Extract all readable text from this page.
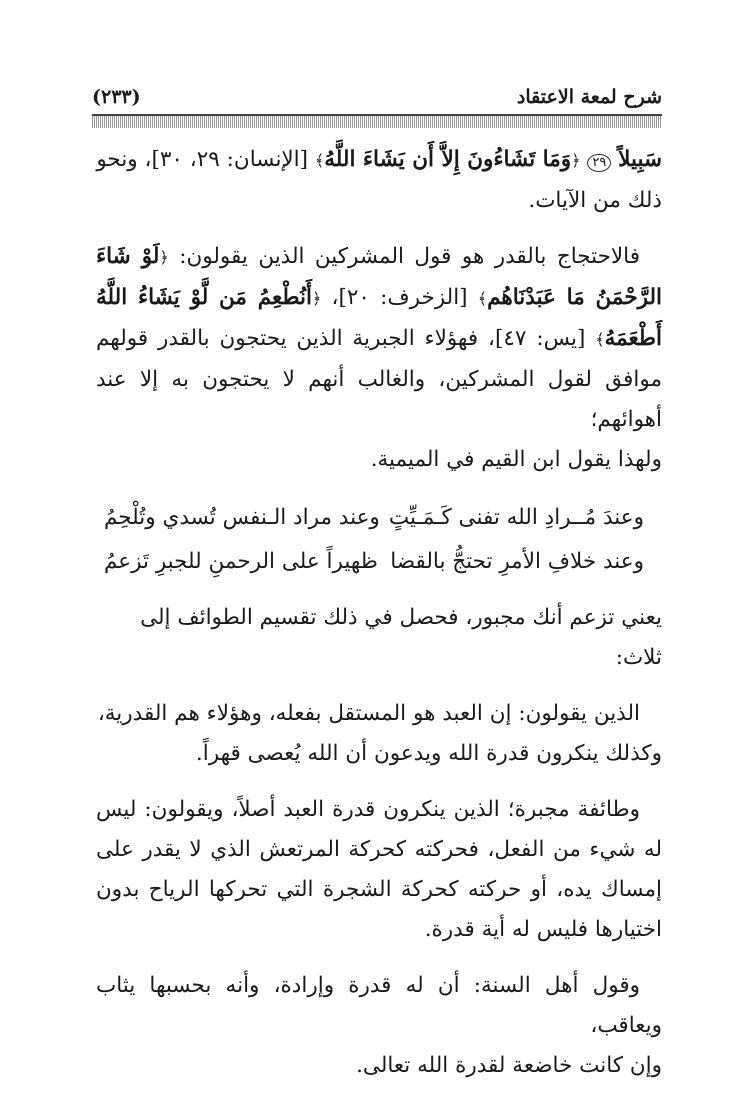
شرح لمعة الاعتقاد
(٢٣٣)

سَبِيلاً ٢٩ ﴿وَمَا تَشَاءُونَ إِلاَّ أَن يَشَاءَ اللَّهُ﴾ [الإنسان: ٢٩، ٣٠]، ونحو
ذلك من الآيات.

فالاحتجاج بالقدر هو قول المشركين الذين يقولون: ﴿لَوْ شَاءَ الرَّحْمَنُ مَا عَبَدْنَاهُم﴾ [الزخرف: ٢٠]، ﴿أَنُطْعِمُ مَن لَّوْ يَشَاءُ اللَّهُ أَطْعَمَهُ﴾ [يس: ٤٧]، فهؤلاء الجبرية الذين يحتجون بالقدر قولهم موافق لقول المشركين، والغالب أنهم لا يحتجون به إلا عند أهوائهم؛
ولهذا يقول ابن القيم في الميمية.

وعندَ مُــرادِ الله تفنى كَـمَـيِّتٍ
وعند مراد الـنفس تُسدي وتُلْحِمُ
وعند خلافِ الأمرِ تحتجُّ بالقضا
ظهيراً على الرحمنِ للجبرِ تَزعمُ

يعني تزعم أنك مجبور، فحصل في ذلك تقسيم الطوائف إلى
ثلاث:

الذين يقولون: إن العبد هو المستقل بفعله، وهؤلاء هم القدرية،
وكذلك ينكرون قدرة الله ويدعون أن الله يُعصى قهراً.

وطائفة مجبرة؛ الذين ينكرون قدرة العبد أصلاً، ويقولون: ليس له شيء من الفعل، فحركته كحركة المرتعش الذي لا يقدر على إمساك يده، أو حركته كحركة الشجرة التي تحركها الرياح بدون اختيارها فليس له أية قدرة.

وقول أهل السنة: أن له قدرة وإرادة، وأنه بحسبها يثاب ويعاقب،
وإن كانت خاضعة لقدرة الله تعالى.
